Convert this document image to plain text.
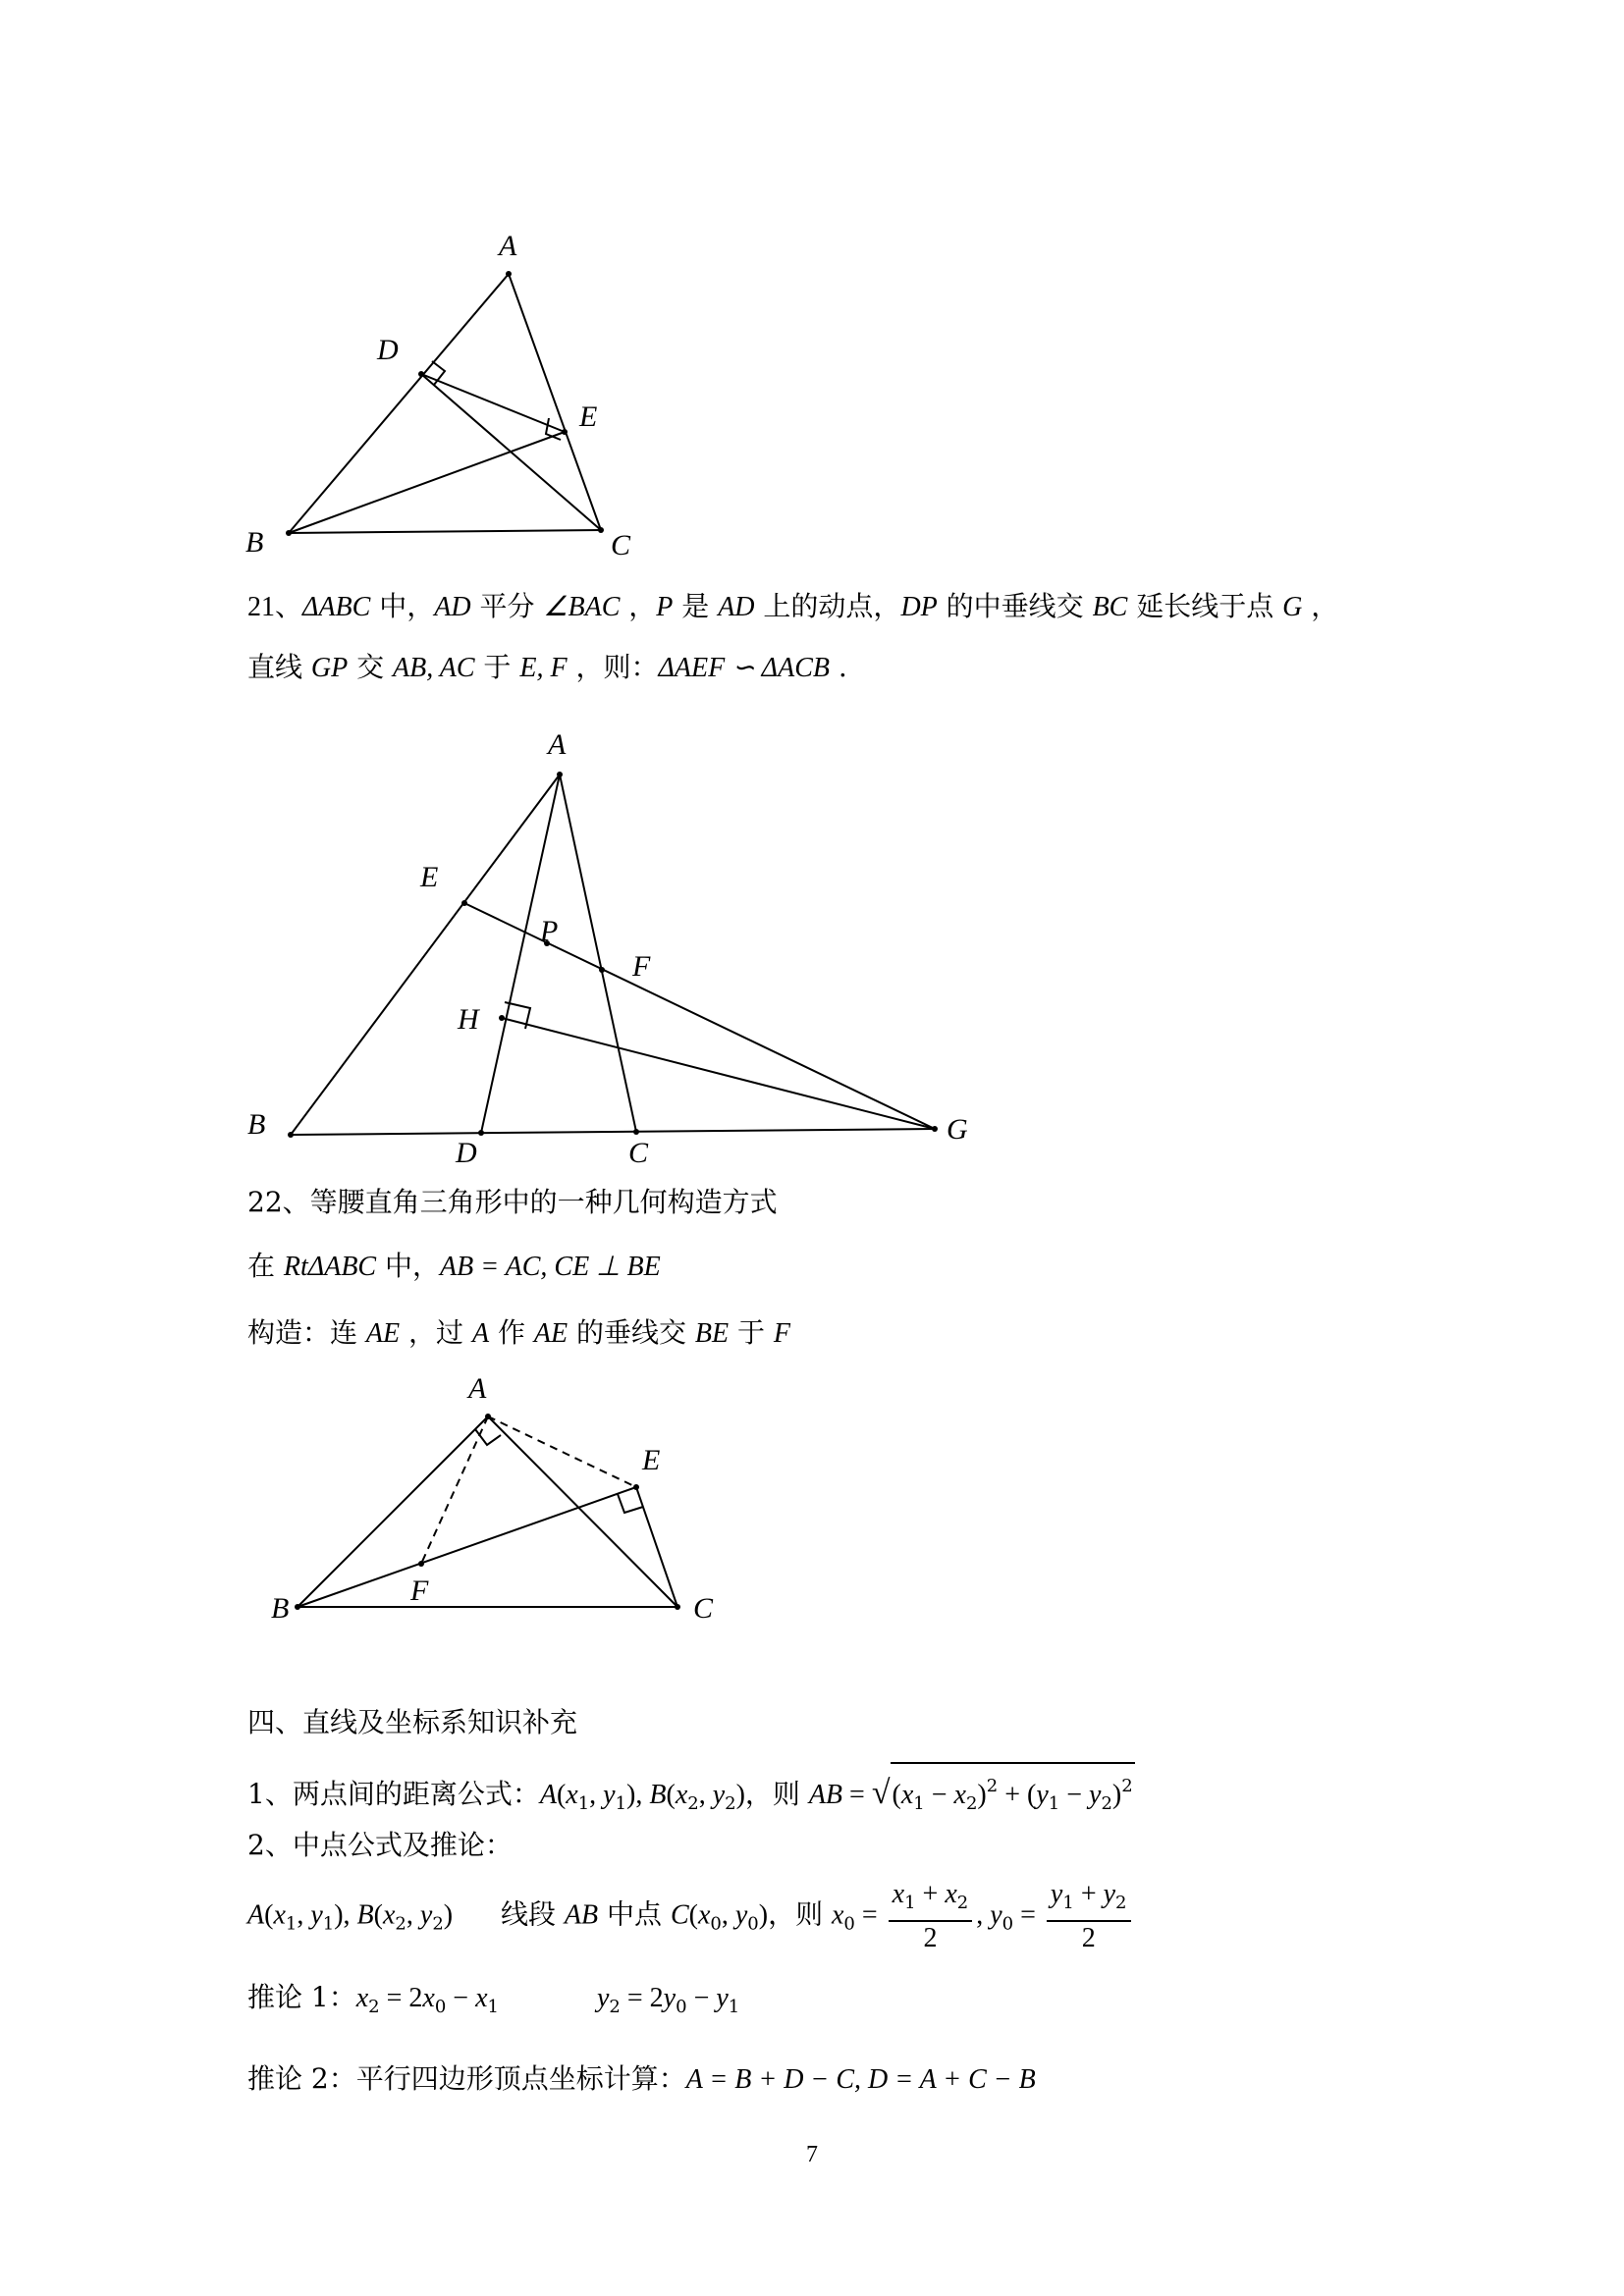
A
D
E
B	C
21、ΔABC 中，AD 平分 ∠BAC ，P 是 AD 上的动点，DP 的中垂线交 BC 延长线于点 G ，
直线 GP 交 AB, AC 于 E, F ，则：ΔAEF ∽ ΔACB .
A
E
P
F
H
B
D	C
G
22、等腰直角三角形中的一种几何构造方式
在 RtΔABC 中，AB = AC, CE ⊥ BE
构造：连 AE ，过 A 作 AE 的垂线交 BE 于 F
A
E
F
B	C
四、直线及坐标系知识补充
1、两点间的距离公式：$A(x_1$, $y_1$), $B(x_2$, $y_2$)，则 AB = $√(x_1 - x_2)^2 + (y_1 - y_2)^2$
2、中点公式及推论：
$A(x_1$, $y_1$), $B(x_2$, $y_2$) 线段 AB 中点 $C(x_0$, $y_0$)，则 $x_0 = \frac{x_1 + x_2}{2}$ , $y_0 = \frac{y_1 + y_2}{2}$
推论 1：$x_2 = 2x_0 - x_1$	$y_2 = 2y_0 - y_1$
推论 2：平行四边形顶点坐标计算：A = B + D − C, D = A + C − B
7
